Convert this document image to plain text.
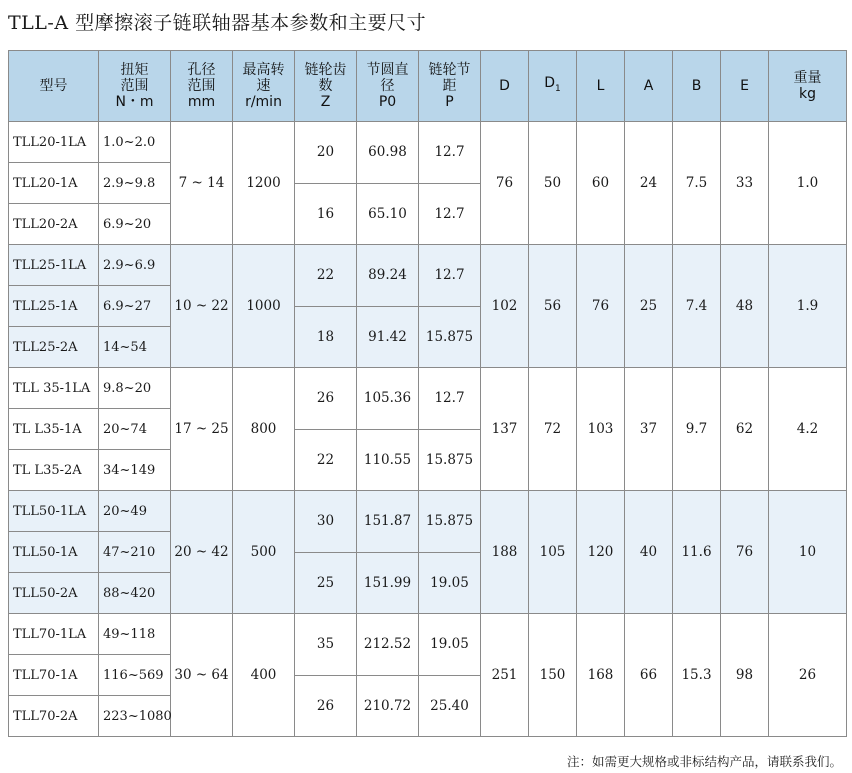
TLL-A 型摩擦滚子链联轴器基本参数和主要尺寸
型号	扭矩
范围
N・m	孔径
范围
mm	最高转
速
r/min	链轮齿
数
Z	节圆直
径
P0	链轮节
距
P	D	$D_1$	L	A	B	E	重量
kg

TLL20-1LA	1.0~2.0	7 ~ 14	1200	20	60.98	12.7	76	50	60	24	7.5	33	1.0

TLL20-1A	2.9~9.8												
				16	65.10	12.7							
TLL20-2A	6.9~20												

TLL25-1LA	2.9~6.9	10 ~ 22	1000	22	89.24	12.7	102	56	76	25	7.4	48	1.9

TLL25-1A	6.9~27												
				18	91.42	15.875							
TLL25-2A	14~54												

TLL 35-1LA	9.8~20	17 ~ 25	800	26	105.36	12.7	137	72	103	37	9.7	62	4.2

TL L35-1A	20~74												
				22	110.55	15.875							
TL L35-2A	34~149												

TLL50-1LA	20~49	20 ~ 42	500	30	151.87	15.875	188	105	120	40	11.6	76	10

TLL50-1A	47~210												
				25	151.99	19.05							
TLL50-2A	88~420												

TLL70-1LA	49~118	30 ~ 64	400	35	212.52	19.05	251	150	168	66	15.3	98	26

TLL70-1A	116~569												
				26	210.72	25.40							
TLL70-2A	223~1080												

注：如需更大规格或非标结构产品，请联系我们。
